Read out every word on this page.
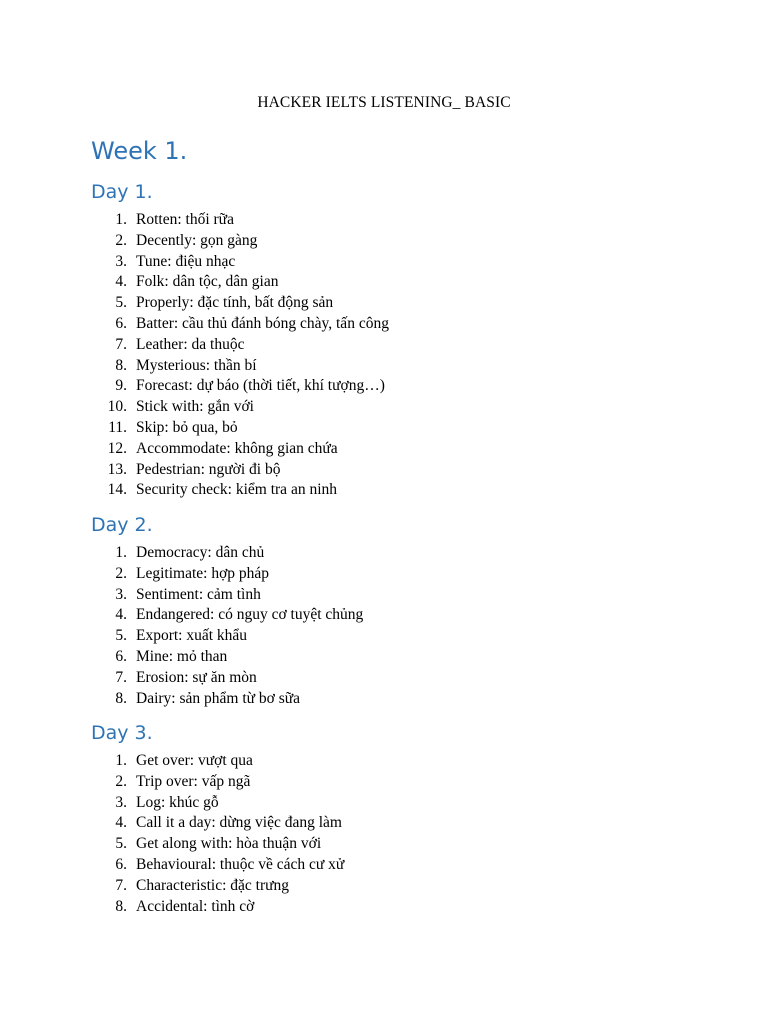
HACKER IELTS LISTENING_ BASIC
Week 1.
Day 1.
1. Rotten: thối rữa
2. Decently: gọn gàng
3. Tune: điệu nhạc
4. Folk: dân tộc, dân gian
5. Properly: đặc tính, bất động sản
6. Batter: cầu thủ đánh bóng chày, tấn công
7. Leather: da thuộc
8. Mysterious: thần bí
9. Forecast: dự báo (thời tiết, khí tượng…)
10. Stick with: gắn với
11. Skip: bỏ qua, bỏ
12. Accommodate: không gian chứa
13. Pedestrian: người đi bộ
14. Security check: kiểm tra an ninh
Day 2.
1. Democracy: dân chủ
2. Legitimate: hợp pháp
3. Sentiment: cảm tình
4. Endangered: có nguy cơ tuyệt chủng
5. Export: xuất khẩu
6. Mine: mỏ than
7. Erosion: sự ăn mòn
8. Dairy: sản phẩm từ bơ sữa
Day 3.
1. Get over: vượt qua
2. Trip over: vấp ngã
3. Log: khúc gỗ
4. Call it a day: dừng việc đang làm
5. Get along with: hòa thuận với
6. Behavioural: thuộc về cách cư xử
7. Characteristic: đặc trưng
8. Accidental: tình cờ
